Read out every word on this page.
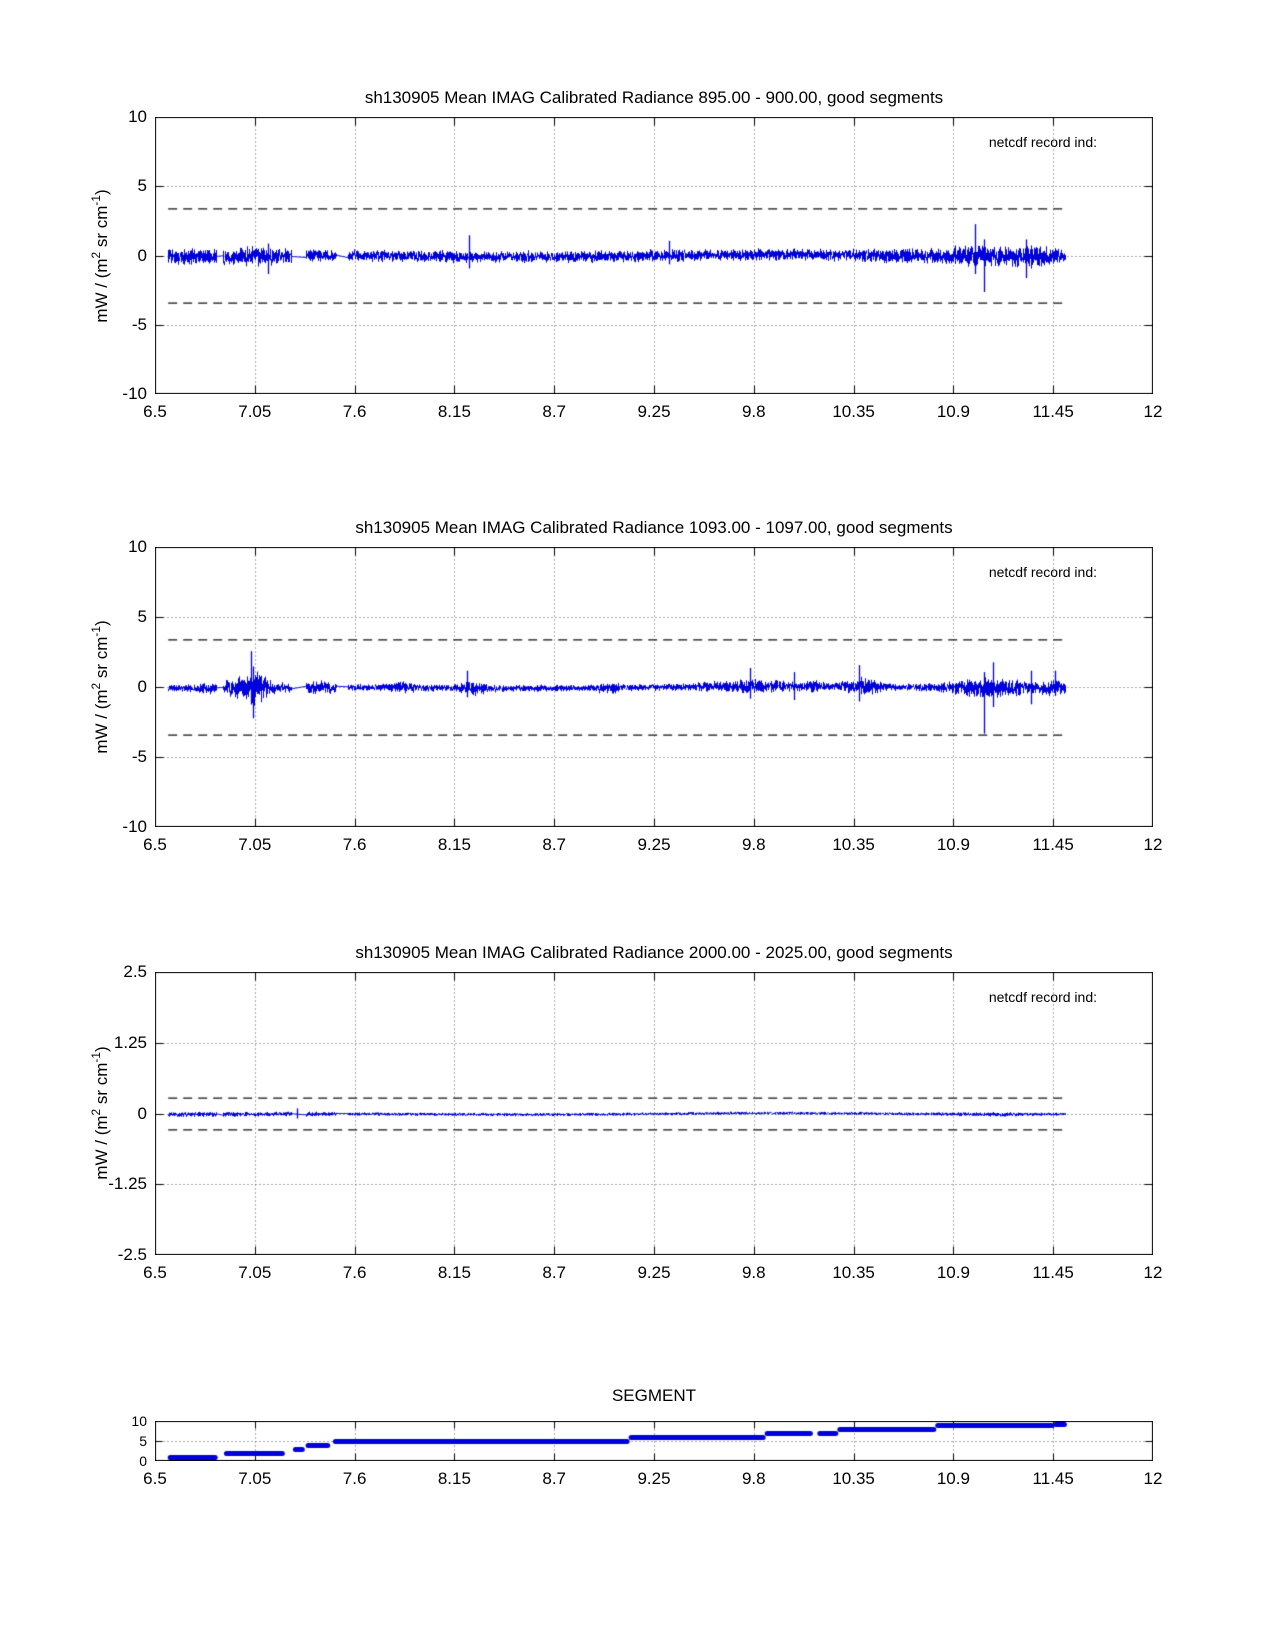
sh130905 Mean IMAG Calibrated Radiance 895.00 - 900.00, good segments
mW / ($m^2$ sr $cm^{-1}$)
sh130905 Mean IMAG Calibrated Radiance 1093.00 - 1097.00, good segments
mW / ($m^2$ sr $cm^{-1}$)
sh130905 Mean IMAG Calibrated Radiance 2000.00 - 2025.00, good segments
mW / ($m^2$ sr $cm^{-1}$)
SEGMENT
6.5	7.05	7.6	8.15	8.7	9.25	9.8	10.35	10.9	11.45	12
10
5
0
-5
-10
6.5	7.05	7.6	8.15	8.7	9.25	9.8	10.35	10.9	11.45	12
10
5
0
-5
-10
6.5	7.05	7.6	8.15	8.7	9.25	9.8	10.35	10.9	11.45	12
2.5
1.25
0
-1.25
-2.5
6.5	7.05	7.6	8.15	8.7	9.25	9.8	10.35	10.9	11.45	12
10
5
0
